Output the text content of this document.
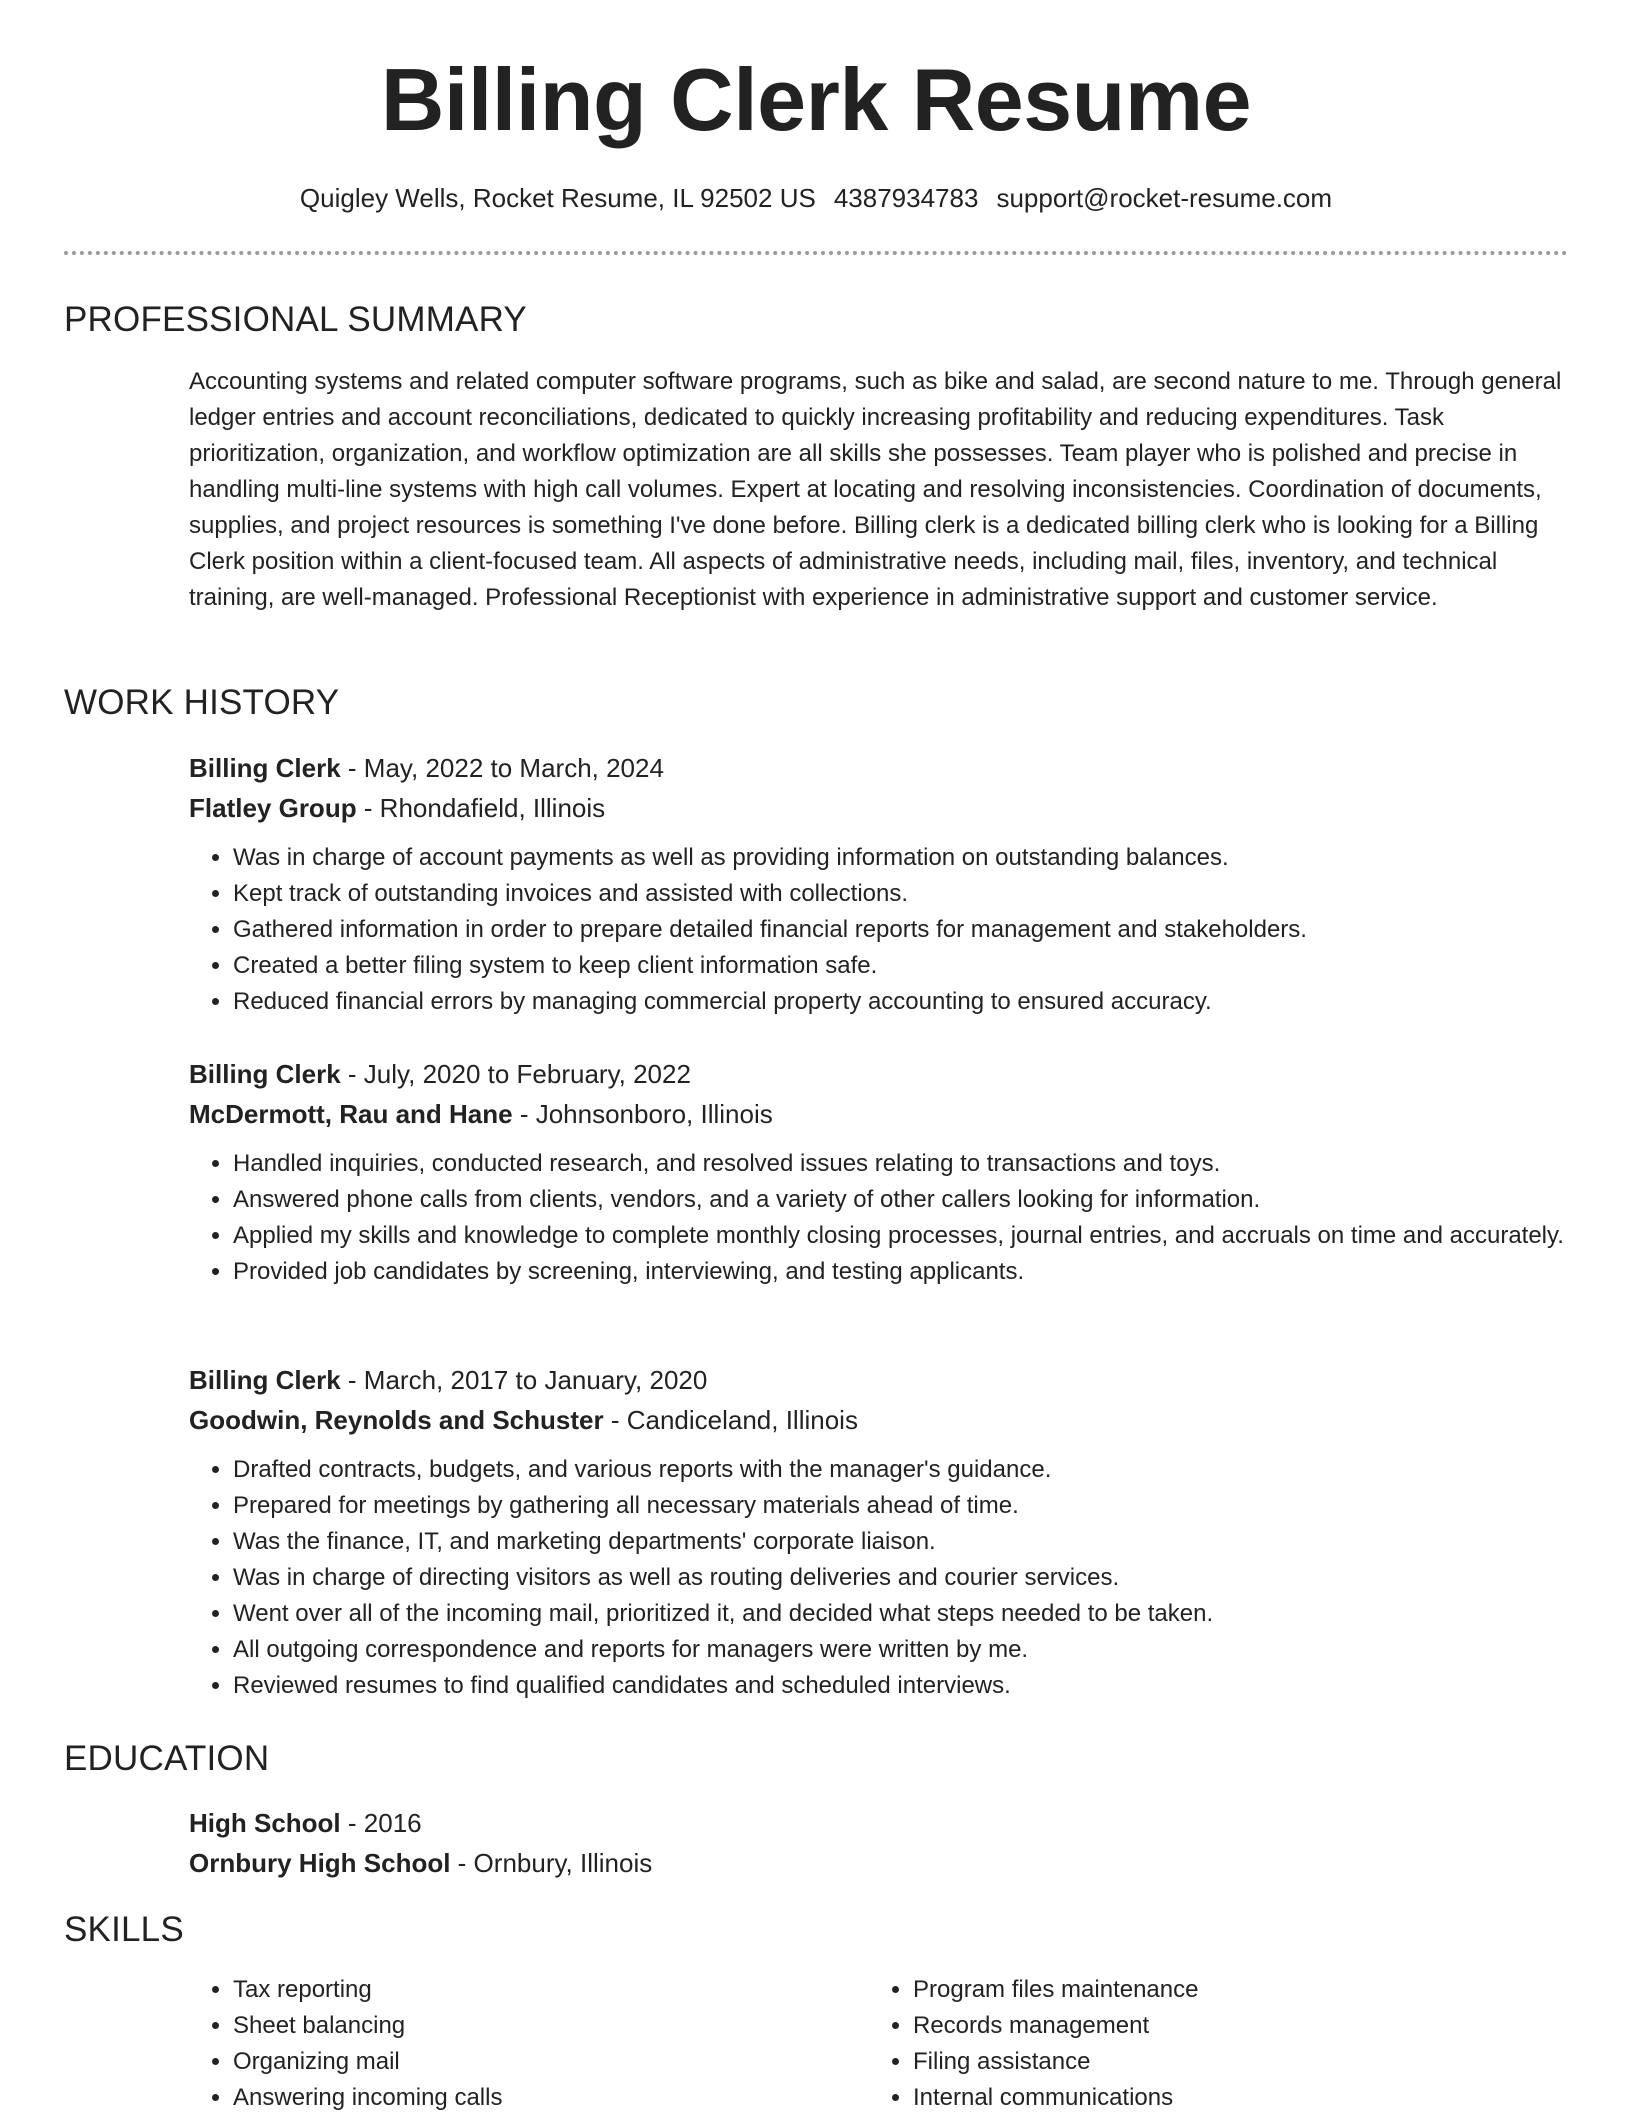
Billing Clerk Resume
Quigley Wells, Rocket Resume, IL 92502 US 4387934783 support@rocket-resume.com
PROFESSIONAL SUMMARY
Accounting systems and related computer software programs, such as bike and salad, are second nature to me. Through general ledger entries and account reconciliations, dedicated to quickly increasing profitability and reducing expenditures. Task prioritization, organization, and workflow optimization are all skills she possesses. Team player who is polished and precise in handling multi-line systems with high call volumes. Expert at locating and resolving inconsistencies. Coordination of documents, supplies, and project resources is something I've done before. Billing clerk is a dedicated billing clerk who is looking for a Billing Clerk position within a client-focused team. All aspects of administrative needs, including mail, files, inventory, and technical training, are well-managed. Professional Receptionist with experience in administrative support and customer service.
WORK HISTORY
Billing Clerk - May, 2022 to March, 2024
Flatley Group - Rhondafield, Illinois
• Was in charge of account payments as well as providing information on outstanding balances.
• Kept track of outstanding invoices and assisted with collections.
• Gathered information in order to prepare detailed financial reports for management and stakeholders.
• Created a better filing system to keep client information safe.
• Reduced financial errors by managing commercial property accounting to ensured accuracy.
Billing Clerk - July, 2020 to February, 2022
McDermott, Rau and Hane - Johnsonboro, Illinois
• Handled inquiries, conducted research, and resolved issues relating to transactions and toys.
• Answered phone calls from clients, vendors, and a variety of other callers looking for information.
• Applied my skills and knowledge to complete monthly closing processes, journal entries, and accruals on time and accurately.
• Provided job candidates by screening, interviewing, and testing applicants.
Billing Clerk - March, 2017 to January, 2020
Goodwin, Reynolds and Schuster - Candiceland, Illinois
• Drafted contracts, budgets, and various reports with the manager's guidance.
• Prepared for meetings by gathering all necessary materials ahead of time.
• Was the finance, IT, and marketing departments' corporate liaison.
• Was in charge of directing visitors as well as routing deliveries and courier services.
• Went over all of the incoming mail, prioritized it, and decided what steps needed to be taken.
• All outgoing correspondence and reports for managers were written by me.
• Reviewed resumes to find qualified candidates and scheduled interviews.
EDUCATION
High School - 2016
Ornbury High School - Ornbury, Illinois
SKILLS
• Tax reporting
• Sheet balancing
• Organizing mail
• Answering incoming calls
• Program files maintenance
• Records management
• Filing assistance
• Internal communications
